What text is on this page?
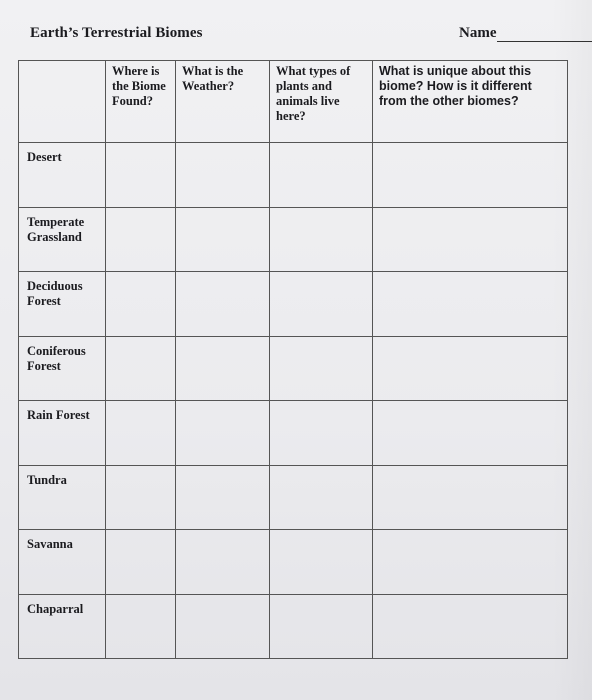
Earth’s Terrestrial Biomes	Name
	Where is the Biome Found?	What is the Weather?	What types of plants and animals live here?	What is unique about this biome? How is it different from the other biomes?
Desert				
Temperate Grassland				
Deciduous Forest				
Coniferous Forest				
Rain Forest				
Tundra				
Savanna				
Chaparral				
